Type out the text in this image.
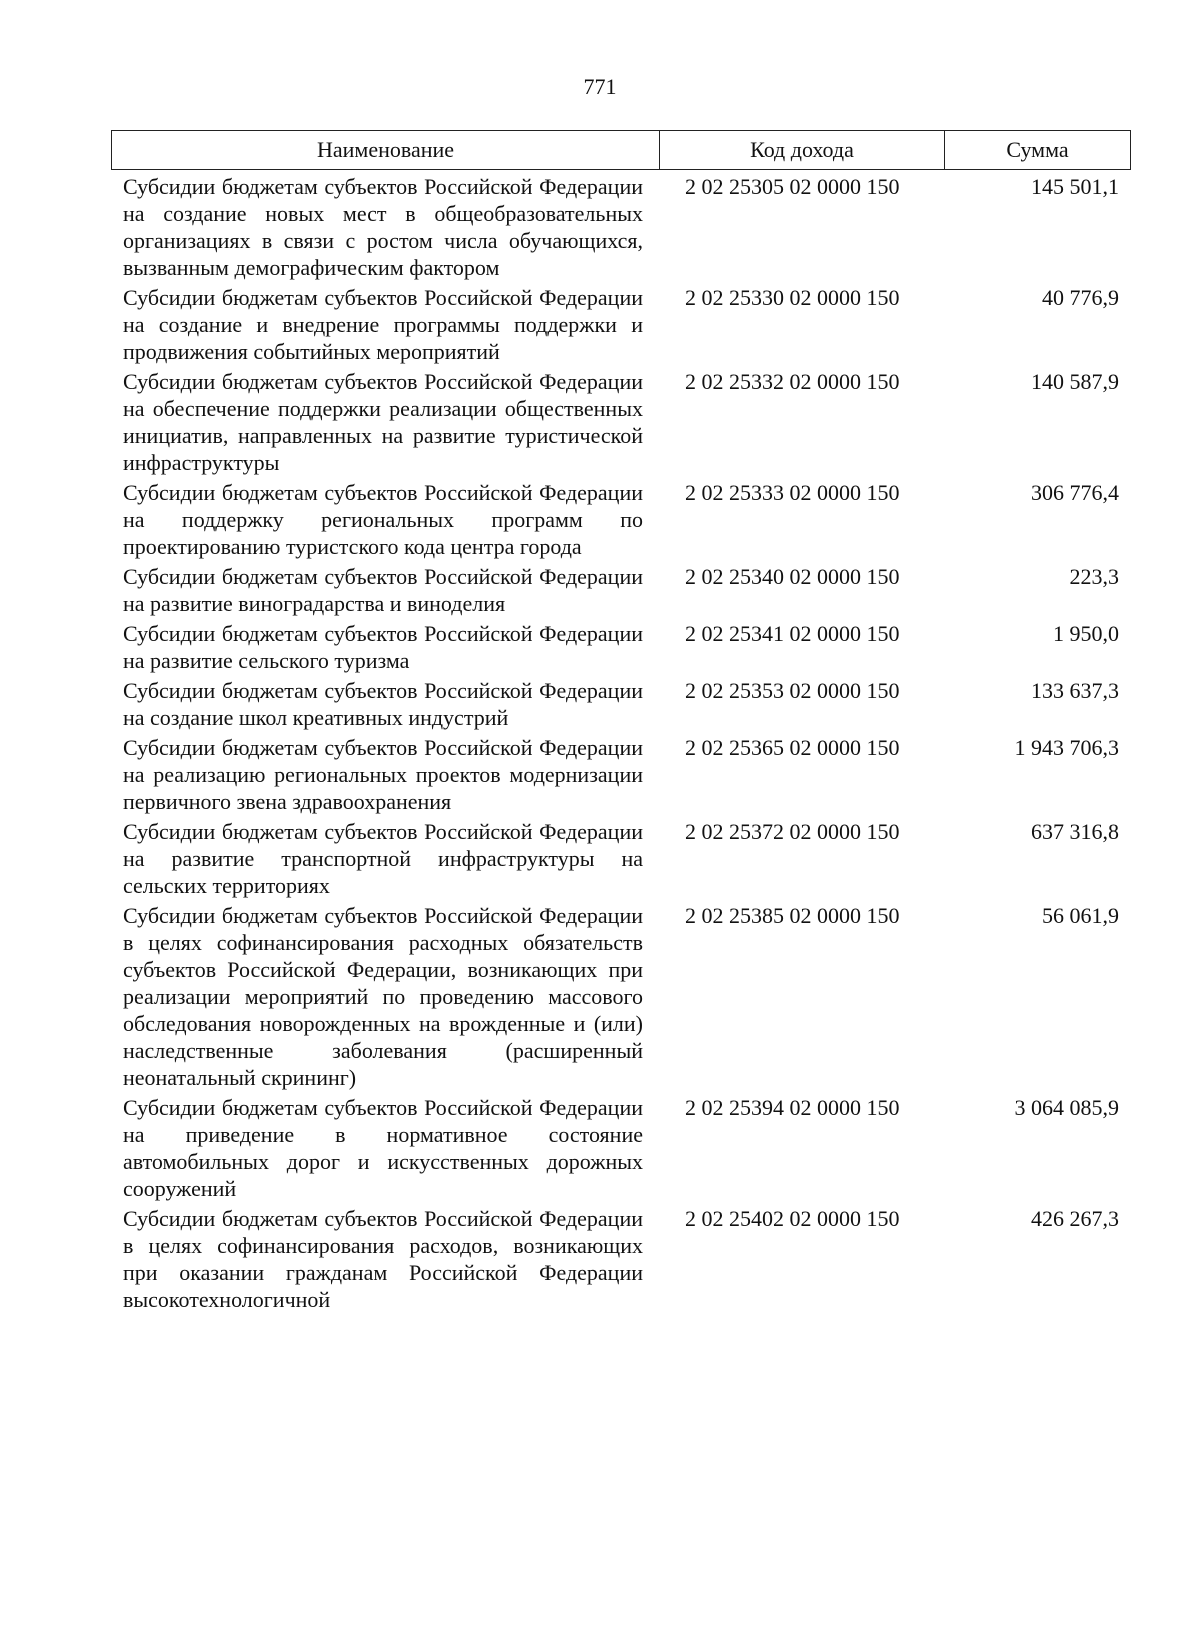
771
Наименование	Код дохода	Сумма
Субсидии бюджетам субъектов Российской Федерации на создание новых мест в общеобразовательных организациях в связи с ростом числа обучающихся, вызванным демографическим фактором
2 02 25305 02 0000 150	145 501,1
Субсидии бюджетам субъектов Российской Федерации на создание и внедрение программы поддержки и продвижения событийных мероприятий
2 02 25330 02 0000 150	40 776,9
Субсидии бюджетам субъектов Российской Федерации на обеспечение поддержки реализации общественных инициатив, направленных на развитие туристической инфраструктуры
2 02 25332 02 0000 150	140 587,9
Субсидии бюджетам субъектов Российской Федерации на поддержку региональных программ по проектированию туристского кода центра города
2 02 25333 02 0000 150	306 776,4
Субсидии бюджетам субъектов Российской Федерации на развитие виноградарства и виноделия
2 02 25340 02 0000 150	223,3
Субсидии бюджетам субъектов Российской Федерации на развитие сельского туризма
2 02 25341 02 0000 150	1 950,0
Субсидии бюджетам субъектов Российской Федерации на создание школ креативных индустрий
2 02 25353 02 0000 150	133 637,3
Субсидии бюджетам субъектов Российской Федерации на реализацию региональных проектов модернизации первичного звена здравоохранения
2 02 25365 02 0000 150	1 943 706,3
Субсидии бюджетам субъектов Российской Федерации на развитие транспортной инфраструктуры на сельских территориях
2 02 25372 02 0000 150	637 316,8
Субсидии бюджетам субъектов Российской Федерации в целях софинансирования расходных обязательств субъектов Российской Федерации, возникающих при реализации мероприятий по проведению массового обследования новорожденных на врожденные и (или) наследственные заболевания (расширенный неонатальный скрининг)
2 02 25385 02 0000 150	56 061,9
Субсидии бюджетам субъектов Российской Федерации на приведение в нормативное состояние автомобильных дорог и искусственных дорожных сооружений
2 02 25394 02 0000 150	3 064 085,9
Субсидии бюджетам субъектов Российской Федерации в целях софинансирования расходов, возникающих при оказании гражданам Российской Федерации высокотехнологичной
2 02 25402 02 0000 150	426 267,3
